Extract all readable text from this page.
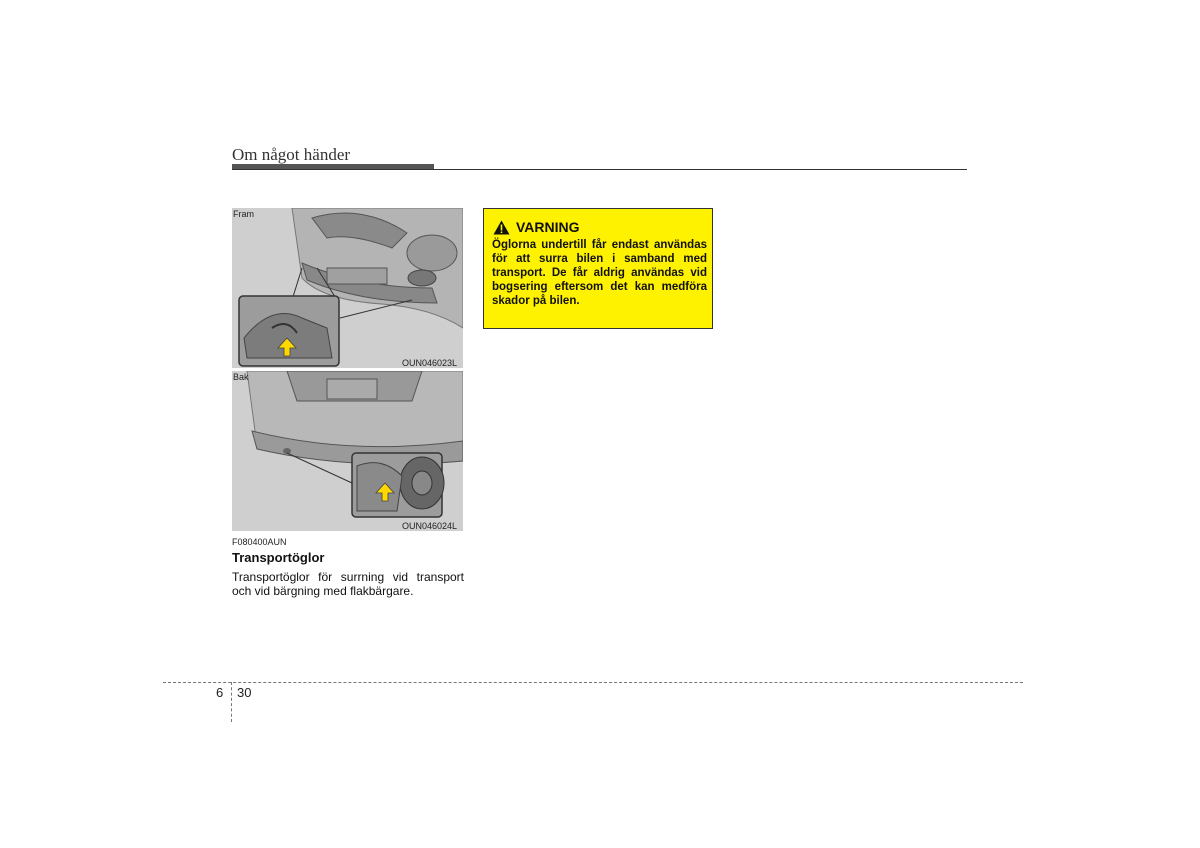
Om något händer
Fram
OUN046023L
Bak
OUN046024L
F080400AUN
Transportöglor
Transportöglor för surrning vid transport och vid bärgning med flakbärgare.
VARNING
Öglorna undertill får endast användas för att surra bilen i samband med transport. De får aldrig användas vid bogsering eftersom det kan medföra skador på bilen.
6 30
